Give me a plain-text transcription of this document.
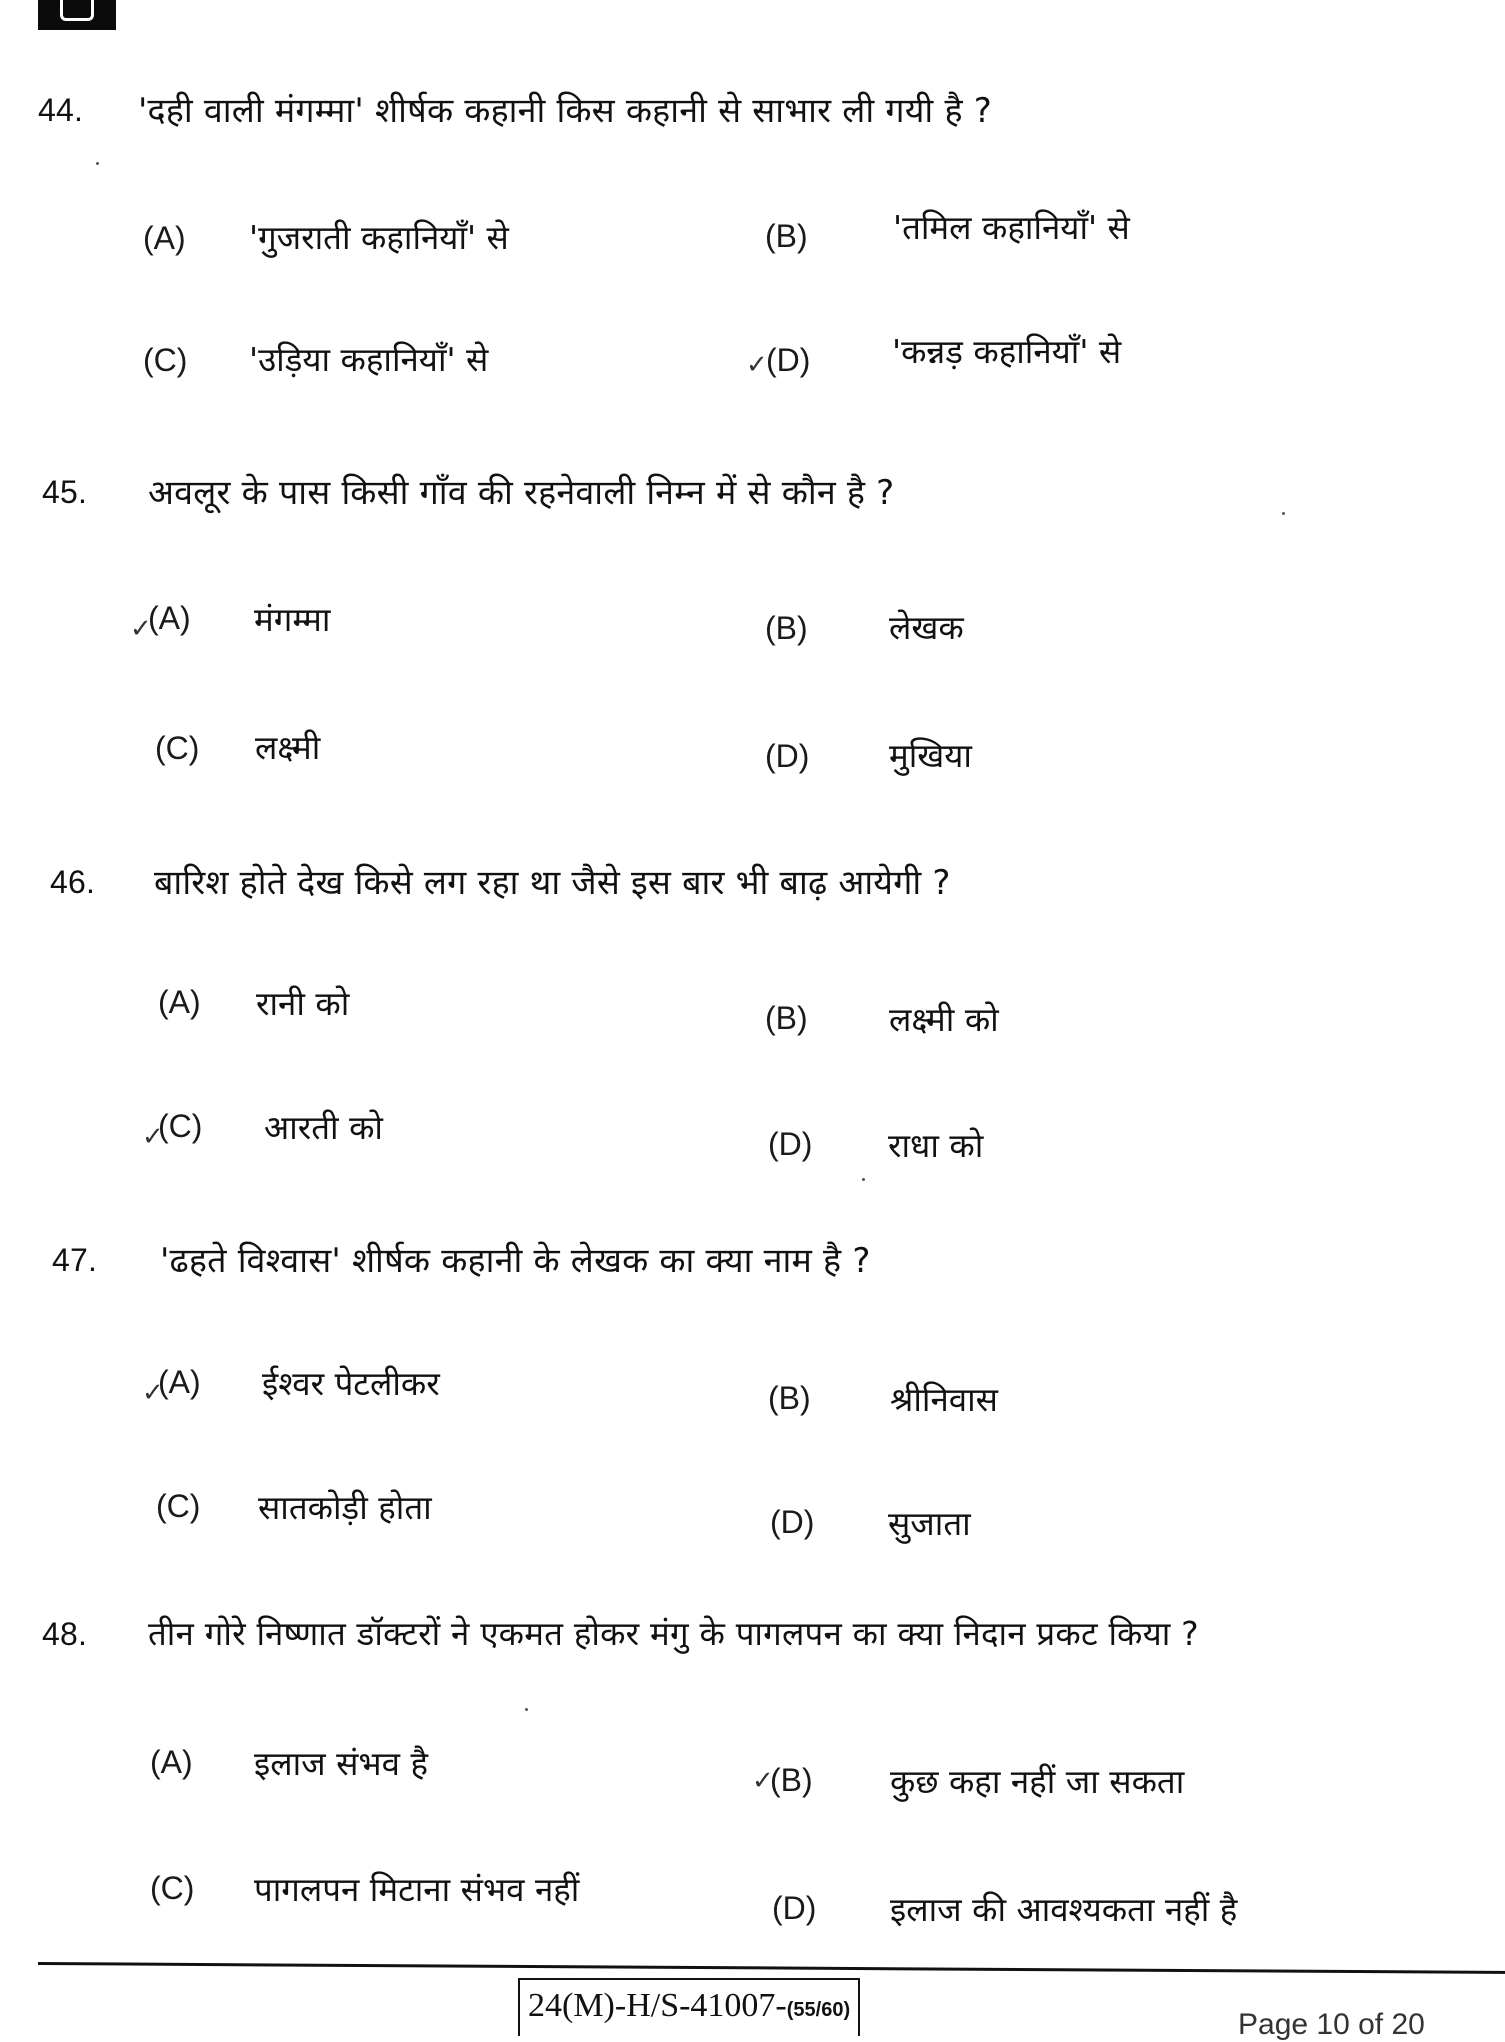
44. 'दही वाली मंगम्मा' शीर्षक कहानी किस कहानी से साभार ली गयी है ?
(A) 'गुजराती कहानियाँ' से	(B)	'तमिल कहानियाँ' से
(C) 'उड़िया कहानियाँ' से	✓
(D) 'कन्नड़ कहानियाँ' से
45. अवलूर के पास किसी गाँव की रहनेवाली निम्न में से कौन है ?
✓
(A) मंगम्मा	(B) लेखक
(C) लक्ष्मी	(D) मुखिया
46. बारिश होते देख किसे लग रहा था जैसे इस बार भी बाढ़ आयेगी ?
(A) रानी को	(B) लक्ष्मी को
✓
(C) आरती को	(D) राधा को
47. 'ढहते विश्वास' शीर्षक कहानी के लेखक का क्या नाम है ?
✓
(A) ईश्वर पेटलीकर	(B) श्रीनिवास
(C) सातकोड़ी होता	(D) सुजाता
48. तीन गोरे निष्णात डॉक्टरों ने एकमत होकर मंगु के पागलपन का क्या निदान प्रकट किया ?
(A) इलाज संभव है	✓
(B) कुछ कहा नहीं जा सकता
(C) पागलपन मिटाना संभव नहीं	(D) इलाज की आवश्यकता नहीं है
24(M)-H/S-41007-(55/60)	Page 10 of 20
